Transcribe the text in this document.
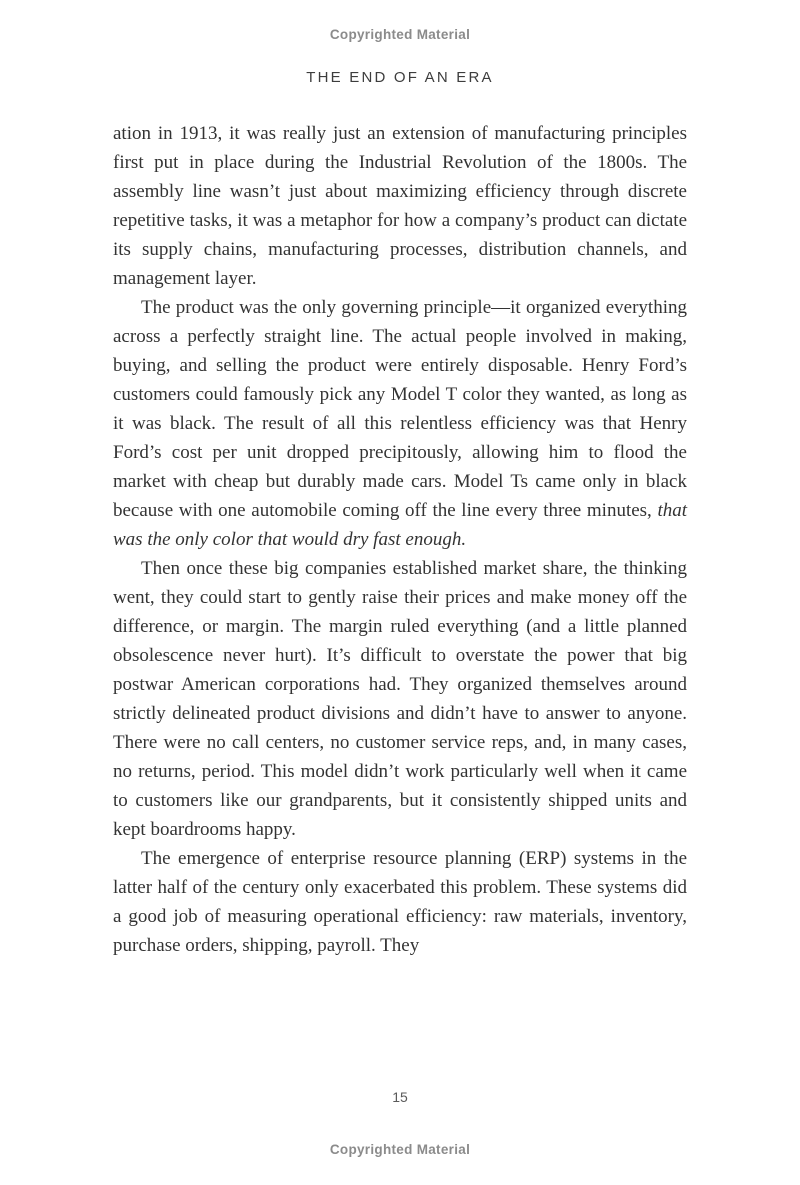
Copyrighted Material
THE END OF AN ERA

ation in 1913, it was really just an extension of manufacturing principles first put in place during the Industrial Revolution of the 1800s. The assembly line wasn’t just about maximizing efficiency through discrete repetitive tasks, it was a metaphor for how a company’s product can dictate its supply chains, manufacturing processes, distribution channels, and management layer.

The product was the only governing principle—it organized everything across a perfectly straight line. The actual people involved in making, buying, and selling the product were entirely disposable. Henry Ford’s customers could famously pick any Model T color they wanted, as long as it was black. The result of all this relentless efficiency was that Henry Ford’s cost per unit dropped precipitously, allowing him to flood the market with cheap but durably made cars. Model Ts came only in black because with one automobile coming off the line every three minutes, that was the only color that would dry fast enough.

Then once these big companies established market share, the thinking went, they could start to gently raise their prices and make money off the difference, or margin. The margin ruled everything (and a little planned obsolescence never hurt). It’s difficult to overstate the power that big postwar American corporations had. They organized themselves around strictly delineated product divisions and didn’t have to answer to anyone. There were no call centers, no customer service reps, and, in many cases, no returns, period. This model didn’t work particularly well when it came to customers like our grandparents, but it consistently shipped units and kept boardrooms happy.

The emergence of enterprise resource planning (ERP) systems in the latter half of the century only exacerbated this problem. These systems did a good job of measuring operational efficiency: raw materials, inventory, purchase orders, shipping, payroll. They

15
Copyrighted Material
